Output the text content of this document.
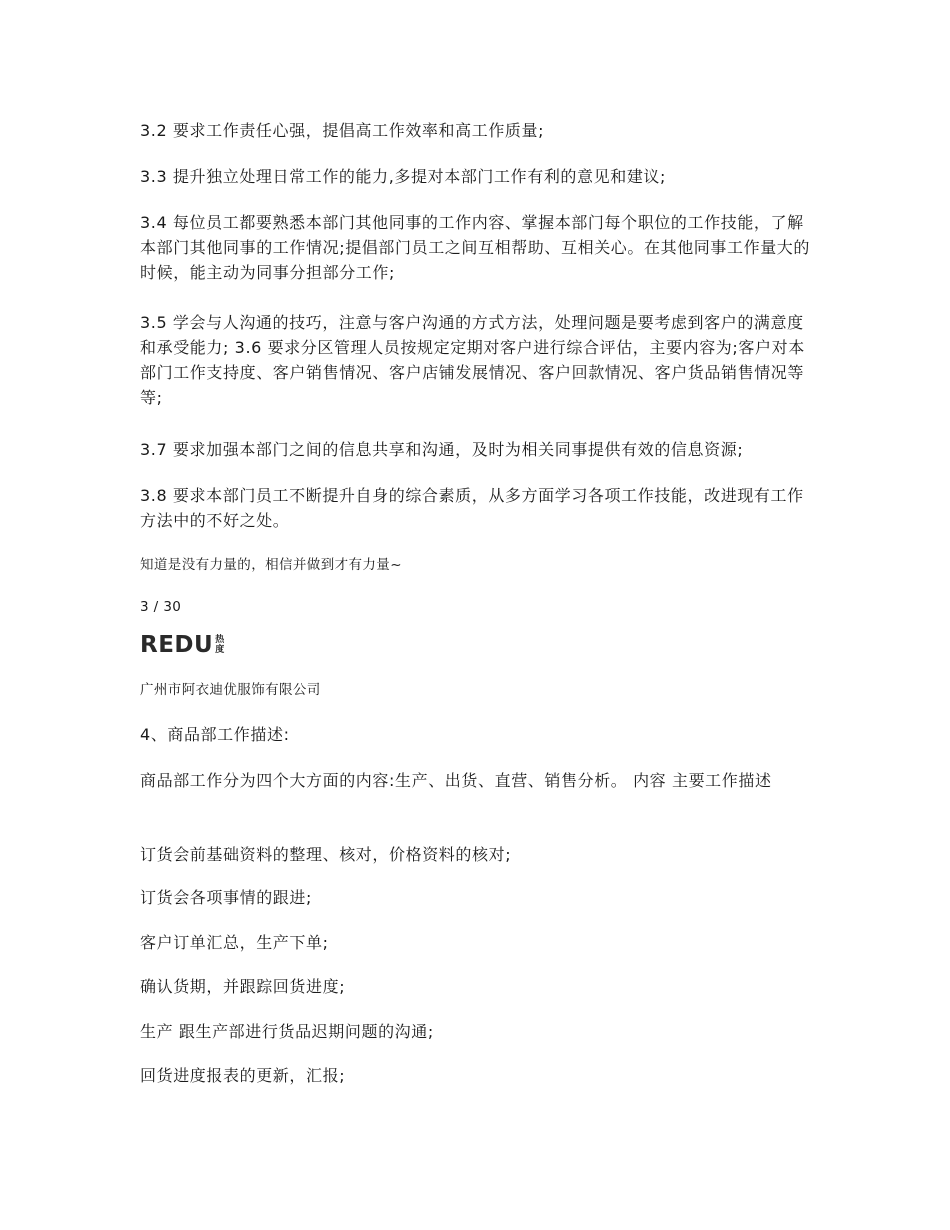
3.2 要求工作责任心强，提倡高工作效率和高工作质量;
3.3 提升独立处理日常工作的能力,多提对本部门工作有利的意见和建议;
3.4 每位员工都要熟悉本部门其他同事的工作内容、掌握本部门每个职位的工作技能，了解本部门其他同事的工作情况;提倡部门员工之间互相帮助、互相关心。在其他同事工作量大的时候，能主动为同事分担部分工作;
3.5 学会与人沟通的技巧，注意与客户沟通的方式方法，处理问题是要考虑到客户的满意度和承受能力; 3.6 要求分区管理人员按规定定期对客户进行综合评估，主要内容为;客户对本部门工作支持度、客户销售情况、客户店铺发展情况、客户回款情况、客户货品销售情况等等;
3.7 要求加强本部门之间的信息共享和沟通，及时为相关同事提供有效的信息资源;
3.8 要求本部门员工不断提升自身的综合素质，从多方面学习各项工作技能，改进现有工作方法中的不好之处。
知道是没有力量的，相信并做到才有力量~
3 / 30
REDU 热
度
广州市阿衣迪优服饰有限公司
4、商品部工作描述:
商品部工作分为四个大方面的内容:生产、出货、直营、销售分析。 内容 主要工作描述
订货会前基础资料的整理、核对，价格资料的核对;
订货会各项事情的跟进;
客户订单汇总，生产下单;
确认货期，并跟踪回货进度;
生产 跟生产部进行货品迟期问题的沟通;
回货进度报表的更新，汇报;
